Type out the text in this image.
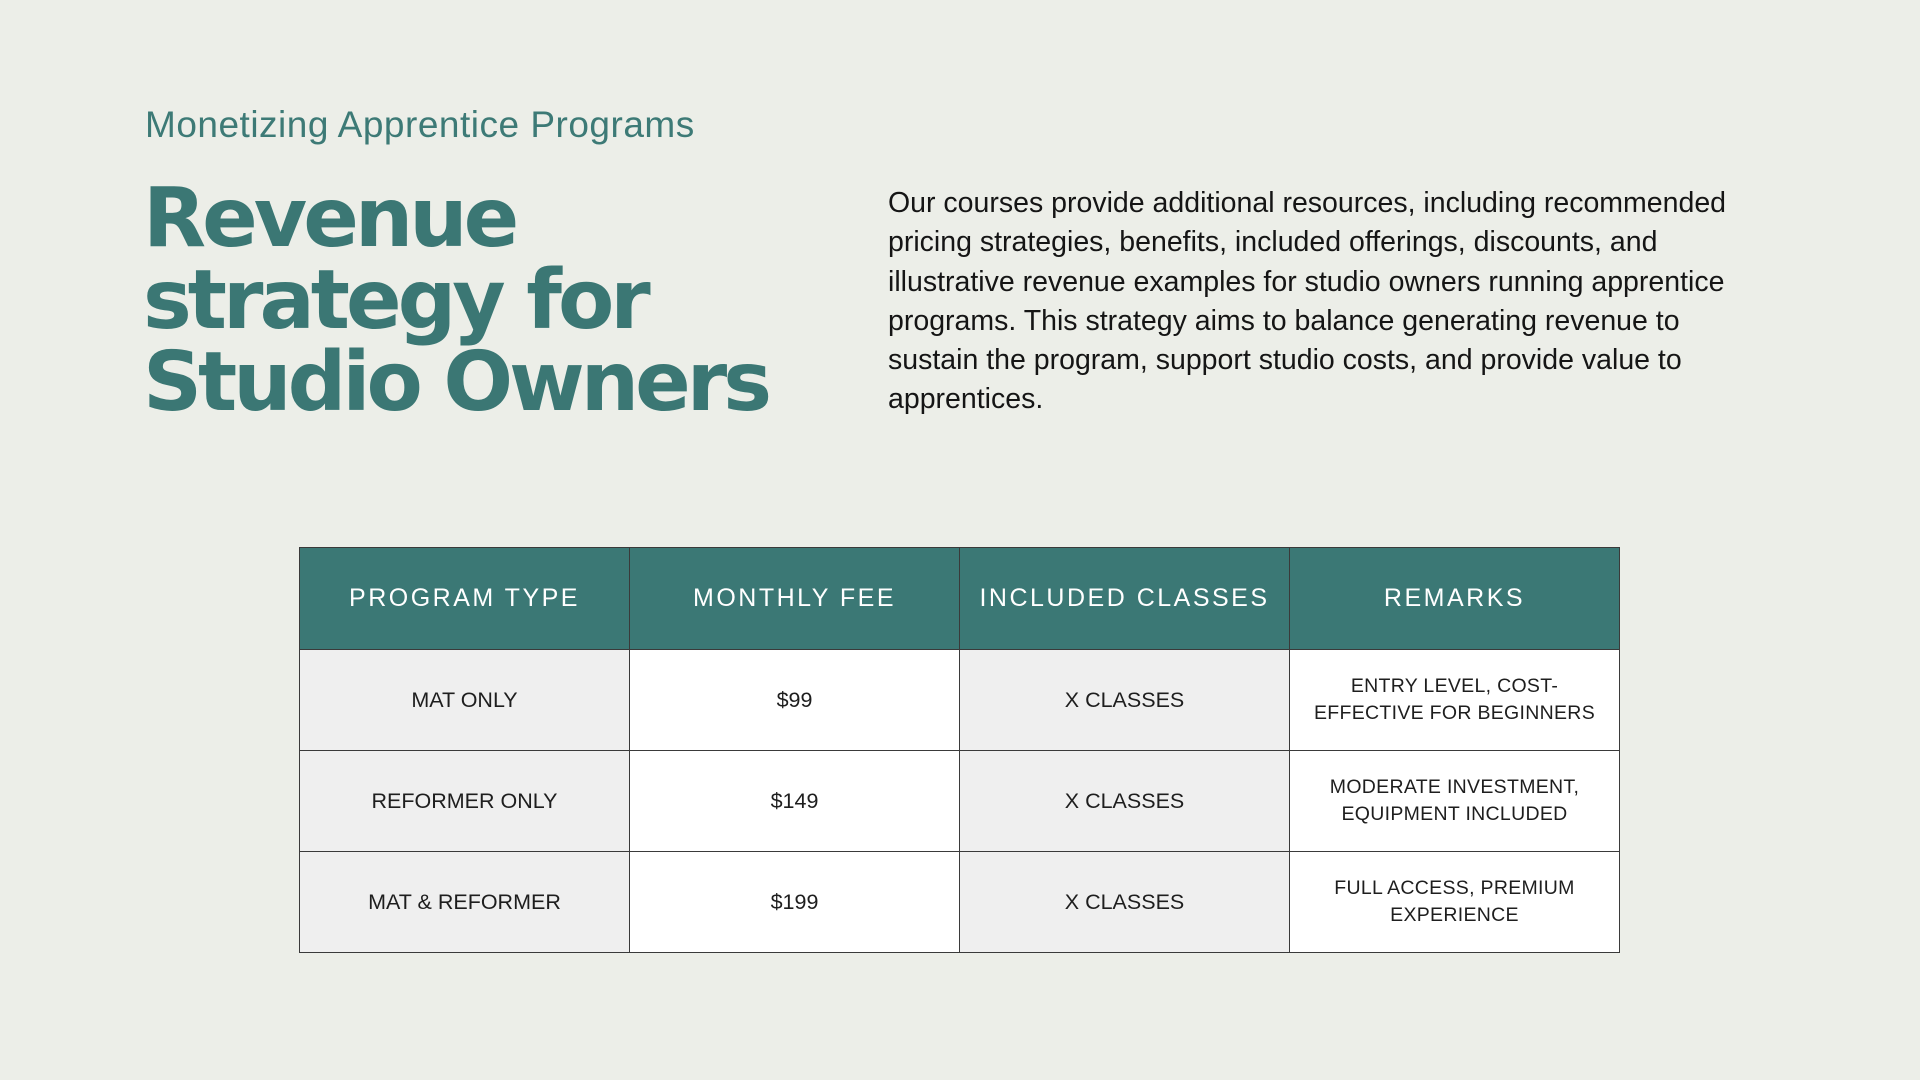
Monetizing Apprentice Programs
Revenue
strategy for
Studio Owners

Our courses provide additional resources, including recommended pricing strategies, benefits, included offerings, discounts, and illustrative revenue examples for studio owners running apprentice programs. This strategy aims to balance generating revenue to sustain the program, support studio costs, and provide value to apprentices.

PROGRAM TYPE	MONTHLY FEE	INCLUDED CLASSES	REMARKS
MAT ONLY	$99	X CLASSES	ENTRY LEVEL, COST-EFFECTIVE FOR BEGINNERS
REFORMER ONLY	$149	X CLASSES	MODERATE INVESTMENT, EQUIPMENT INCLUDED
MAT & REFORMER	$199	X CLASSES	FULL ACCESS, PREMIUM EXPERIENCE
